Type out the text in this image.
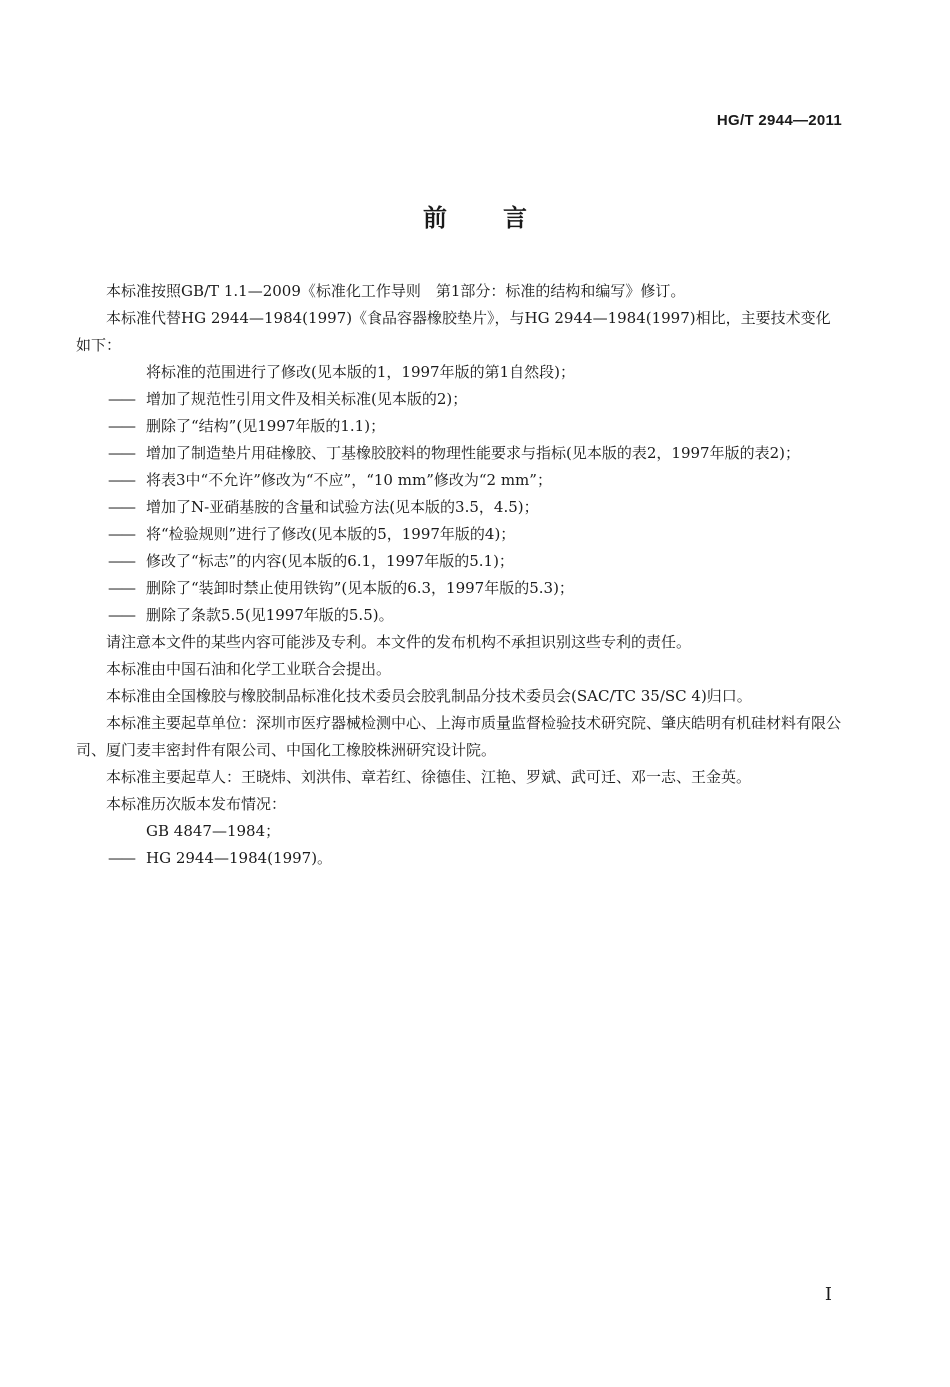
HG/T 2944—2011
前 言

本标准按照GB/T 1.1—2009《标准化工作导则　第1部分：标准的结构和编写》修订。

本标准代替HG 2944—1984(1997)《食品容器橡胶垫片》，与HG 2944—1984(1997)相比，主要技术变化如下：

将标准的范围进行了修改(见本版的1，1997年版的第1自然段)；

—— 增加了规范性引用文件及相关标准(见本版的2)；

—— 删除了“结构”(见1997年版的1.1)；

—— 增加了制造垫片用硅橡胶、丁基橡胶胶料的物理性能要求与指标(见本版的表2，1997年版的表2)；

—— 将表3中“不允许”修改为“不应”，“10 mm”修改为“2 mm”；

—— 增加了N-亚硝基胺的含量和试验方法(见本版的3.5，4.5)；

—— 将“检验规则”进行了修改(见本版的5，1997年版的4)；

—— 修改了“标志”的内容(见本版的6.1，1997年版的5.1)；

—— 删除了“装卸时禁止使用铁钩”(见本版的6.3，1997年版的5.3)；

—— 删除了条款5.5(见1997年版的5.5)。

请注意本文件的某些内容可能涉及专利。本文件的发布机构不承担识别这些专利的责任。

本标准由中国石油和化学工业联合会提出。

本标准由全国橡胶与橡胶制品标准化技术委员会胶乳制品分技术委员会(SAC/TC 35/SC 4)归口。

本标准主要起草单位：深圳市医疗器械检测中心、上海市质量监督检验技术研究院、肇庆皓明有机硅材料有限公司、厦门麦丰密封件有限公司、中国化工橡胶株洲研究设计院。

本标准主要起草人：王晓炜、刘洪伟、章若红、徐德佳、江艳、罗斌、武可迁、邓一志、王金英。

本标准历次版本发布情况：

GB 4847—1984；

—— HG 2944—1984(1997)。

I
